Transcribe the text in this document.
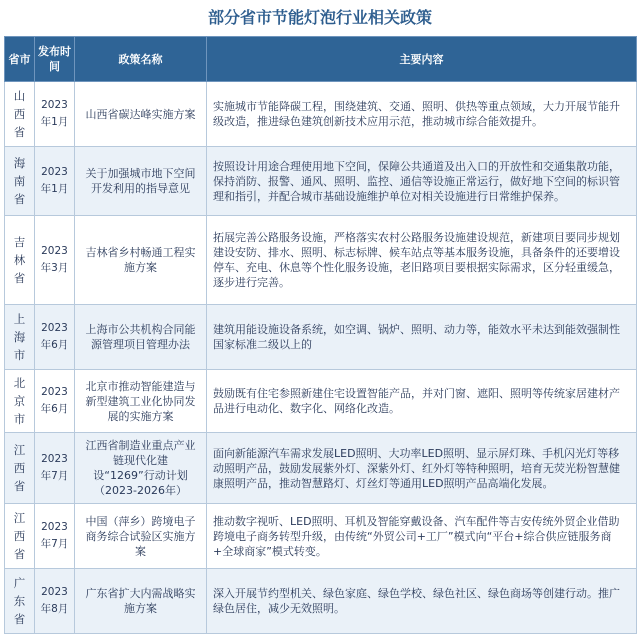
部分省市节能灯泡行业相关政策
省市	发布时间	政策名称	主要内容
山西省	2023年1月	山西省碳达峰实施方案	实施城市节能降碳工程，围绕建筑、交通、照明、供热等重点领域，大力开展节能升级改造，推进绿色建筑创新技术应用示范，推动城市综合能效提升。
海南省	2023年1月	关于加强城市地下空间开发利用的指导意见	按照设计用途合理使用地下空间，保障公共通道及出入口的开放性和交通集散功能，保持消防、报警、通风、照明、监控、通信等设施正常运行，做好地下空间的标识管理和指引，并配合城市基础设施维护单位对相关设施进行日常维护保养。
吉林省	2023年3月	吉林省乡村畅通工程实施方案	拓展完善公路服务设施，严格落实农村公路服务设施建设规范，新建项目要同步规划建设安防、排水、照明、标志标牌、候车站点等基本服务设施，具备条件的还要增设停车、充电、休息等个性化服务设施，老旧路项目要根据实际需求，区分轻重缓急，逐步进行完善。
上海市	2023年6月	上海市公共机构合同能源管理项目管理办法	建筑用能设施设备系统，如空调、锅炉、照明、动力等，能效水平未达到能效强制性国家标准二级以上的
北京市	2023年6月	北京市推动智能建造与新型建筑工业化协同发展的实施方案	鼓励既有住宅参照新建住宅设置智能产品，并对门窗、遮阳、照明等传统家居建材产品进行电动化、数字化、网络化改造。
江西省	2023年7月	江西省制造业重点产业链现代化建设“1269”行动计划（2023-2026年）	面向新能源汽车需求发展LED照明、大功率LED照明、显示屏灯珠、手机闪光灯等移动照明产品，鼓励发展紫外灯、深紫外灯、红外灯等特种照明，培育无荧光粉智慧健康照明产品，推动智慧路灯、灯丝灯等通用LED照明产品高端化发展。
江西省	2023年7月	中国（萍乡）跨境电子商务综合试验区实施方案	推动数字视听、LED照明、耳机及智能穿戴设备、汽车配件等吉安传统外贸企业借助跨境电子商务转型升级，由传统“外贸公司+工厂”模式向“平台+综合供应链服务商+全球商家”模式转变。
广东省	2023年8月	广东省扩大内需战略实施方案	深入开展节约型机关、绿色家庭、绿色学校、绿色社区、绿色商场等创建行动。推广绿色居住，减少无效照明。
